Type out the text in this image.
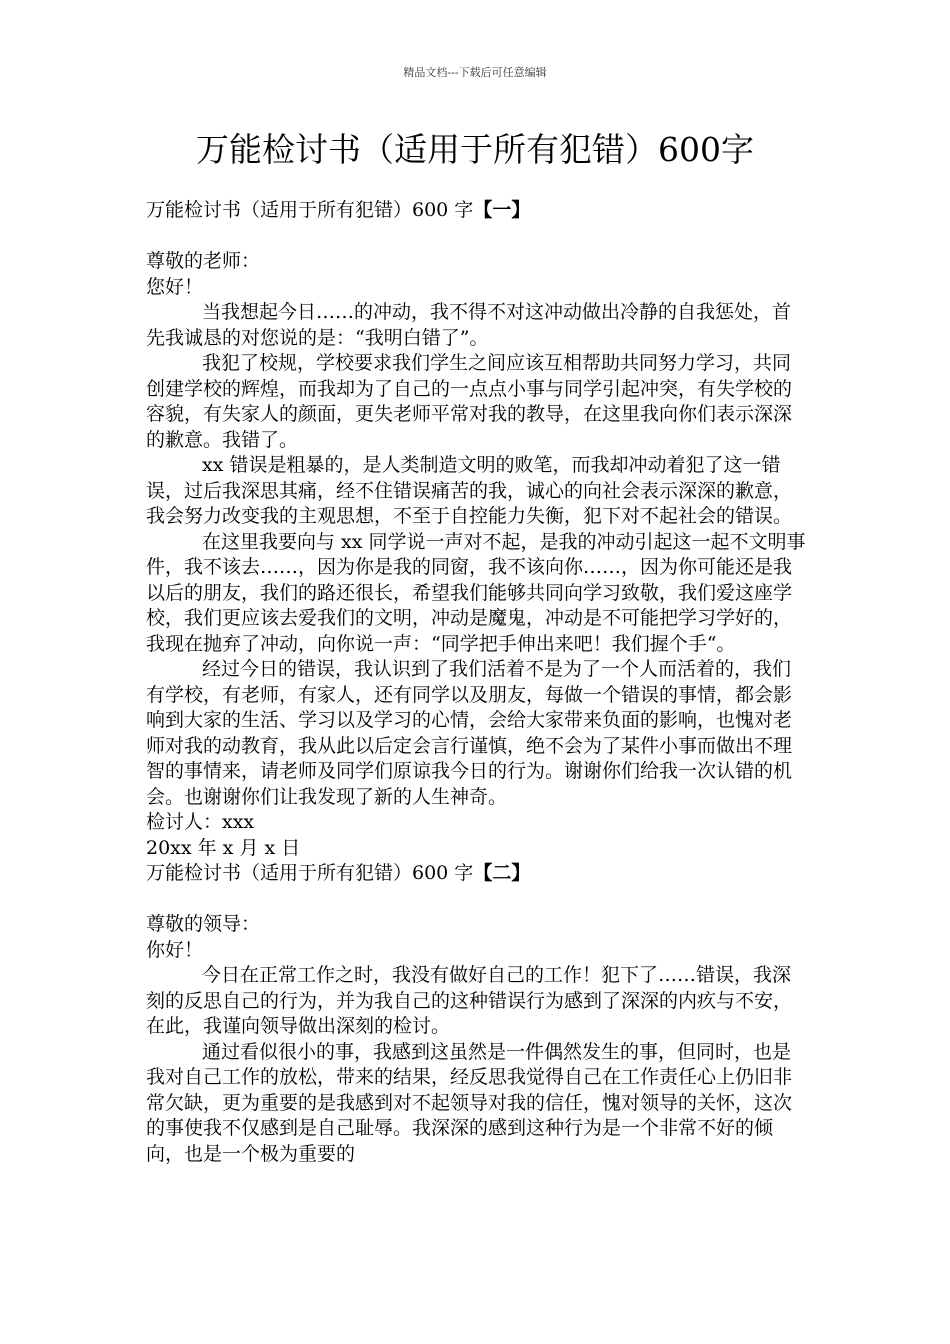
精品文档---下载后可任意编辑
万能检讨书（适用于所有犯错）600字

万能检讨书（适用于所有犯错）600 字【一】

尊敬的老师：

您好！

当我想起今日……的冲动，我不得不对这冲动做出冷静的自我惩处，首先我诚恳的对您说的是：“我明白错了”。

我犯了校规，学校要求我们学生之间应该互相帮助共同努力学习，共同创建学校的辉煌，而我却为了自己的一点点小事与同学引起冲突，有失学校的容貌，有失家人的颜面，更失老师平常对我的教导，在这里我向你们表示深深的歉意。我错了。

xx 错误是粗暴的，是人类制造文明的败笔，而我却冲动着犯了这一错误，过后我深思其痛，经不住错误痛苦的我，诚心的向社会表示深深的歉意，我会努力改变我的主观思想，不至于自控能力失衡，犯下对不起社会的错误。

在这里我要向与 xx 同学说一声对不起，是我的冲动引起这一起不文明事件，我不该去……，因为你是我的同窗，我不该向你……，因为你可能还是我以后的朋友，我们的路还很长，希望我们能够共同向学习致敬，我们爱这座学校，我们更应该去爱我们的文明，冲动是魔鬼，冲动是不可能把学习学好的，我现在抛弃了冲动，向你说一声：“同学把手伸出来吧！我们握个手“。

经过今日的错误，我认识到了我们活着不是为了一个人而活着的，我们有学校，有老师，有家人，还有同学以及朋友，每做一个错误的事情，都会影响到大家的生活、学习以及学习的心情，会给大家带来负面的影响，也愧对老师对我的动教育，我从此以后定会言行谨慎，绝不会为了某件小事而做出不理智的事情来，请老师及同学们原谅我今日的行为。谢谢你们给我一次认错的机会。也谢谢你们让我发现了新的人生神奇。

检讨人：xxx

20xx 年 x 月 x 日

万能检讨书（适用于所有犯错）600 字【二】

尊敬的领导：

你好！

今日在正常工作之时，我没有做好自己的工作！犯下了……错误，我深刻的反思自己的行为，并为我自己的这种错误行为感到了深深的内疚与不安，在此，我谨向领导做出深刻的检讨。

通过看似很小的事，我感到这虽然是一件偶然发生的事，但同时，也是我对自己工作的放松，带来的结果，经反思我觉得自己在工作责任心上仍旧非常欠缺，更为重要的是我感到对不起领导对我的信任，愧对领导的关怀，这次的事使我不仅感到是自己耻辱。我深深的感到这种行为是一个非常不好的倾向，也是一个极为重要的
